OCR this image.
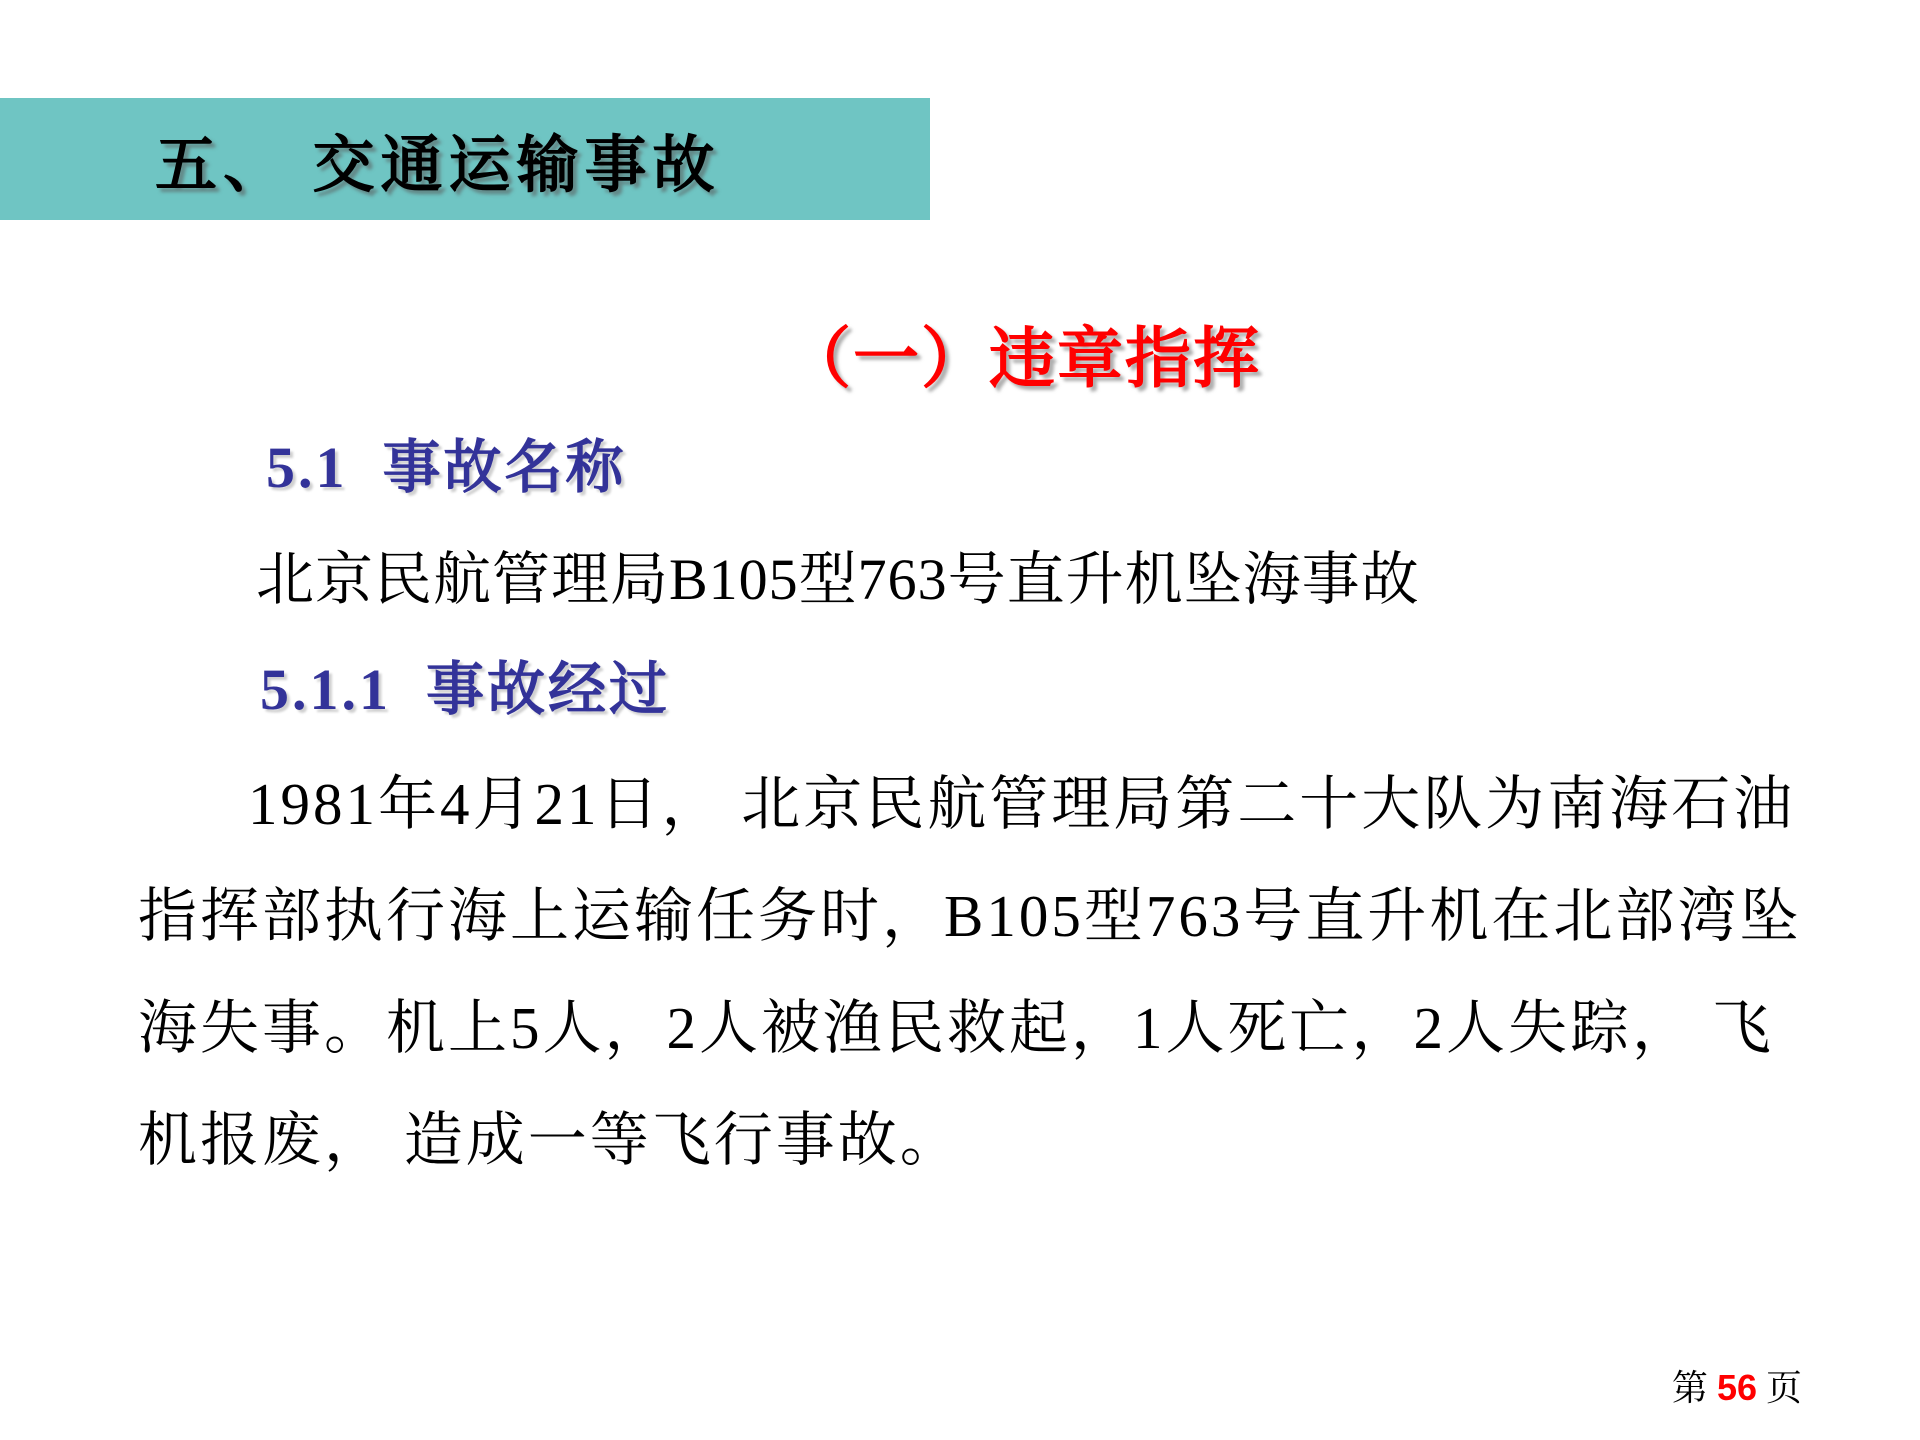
五、 交通运输事故
（一）违章指挥
5.1  事故名称
北京民航管理局B105型763号直升机坠海事故
5.1.1  事故经过
1981年4月21日， 北京民航管理局第二十大队为南海石油
指挥部执行海上运输任务时，B105型763号直升机在北部湾坠
海失事。机上5人，2人被渔民救起，1人死亡，2人失踪， 飞
机报废， 造成一等飞行事故。

第 56 页
